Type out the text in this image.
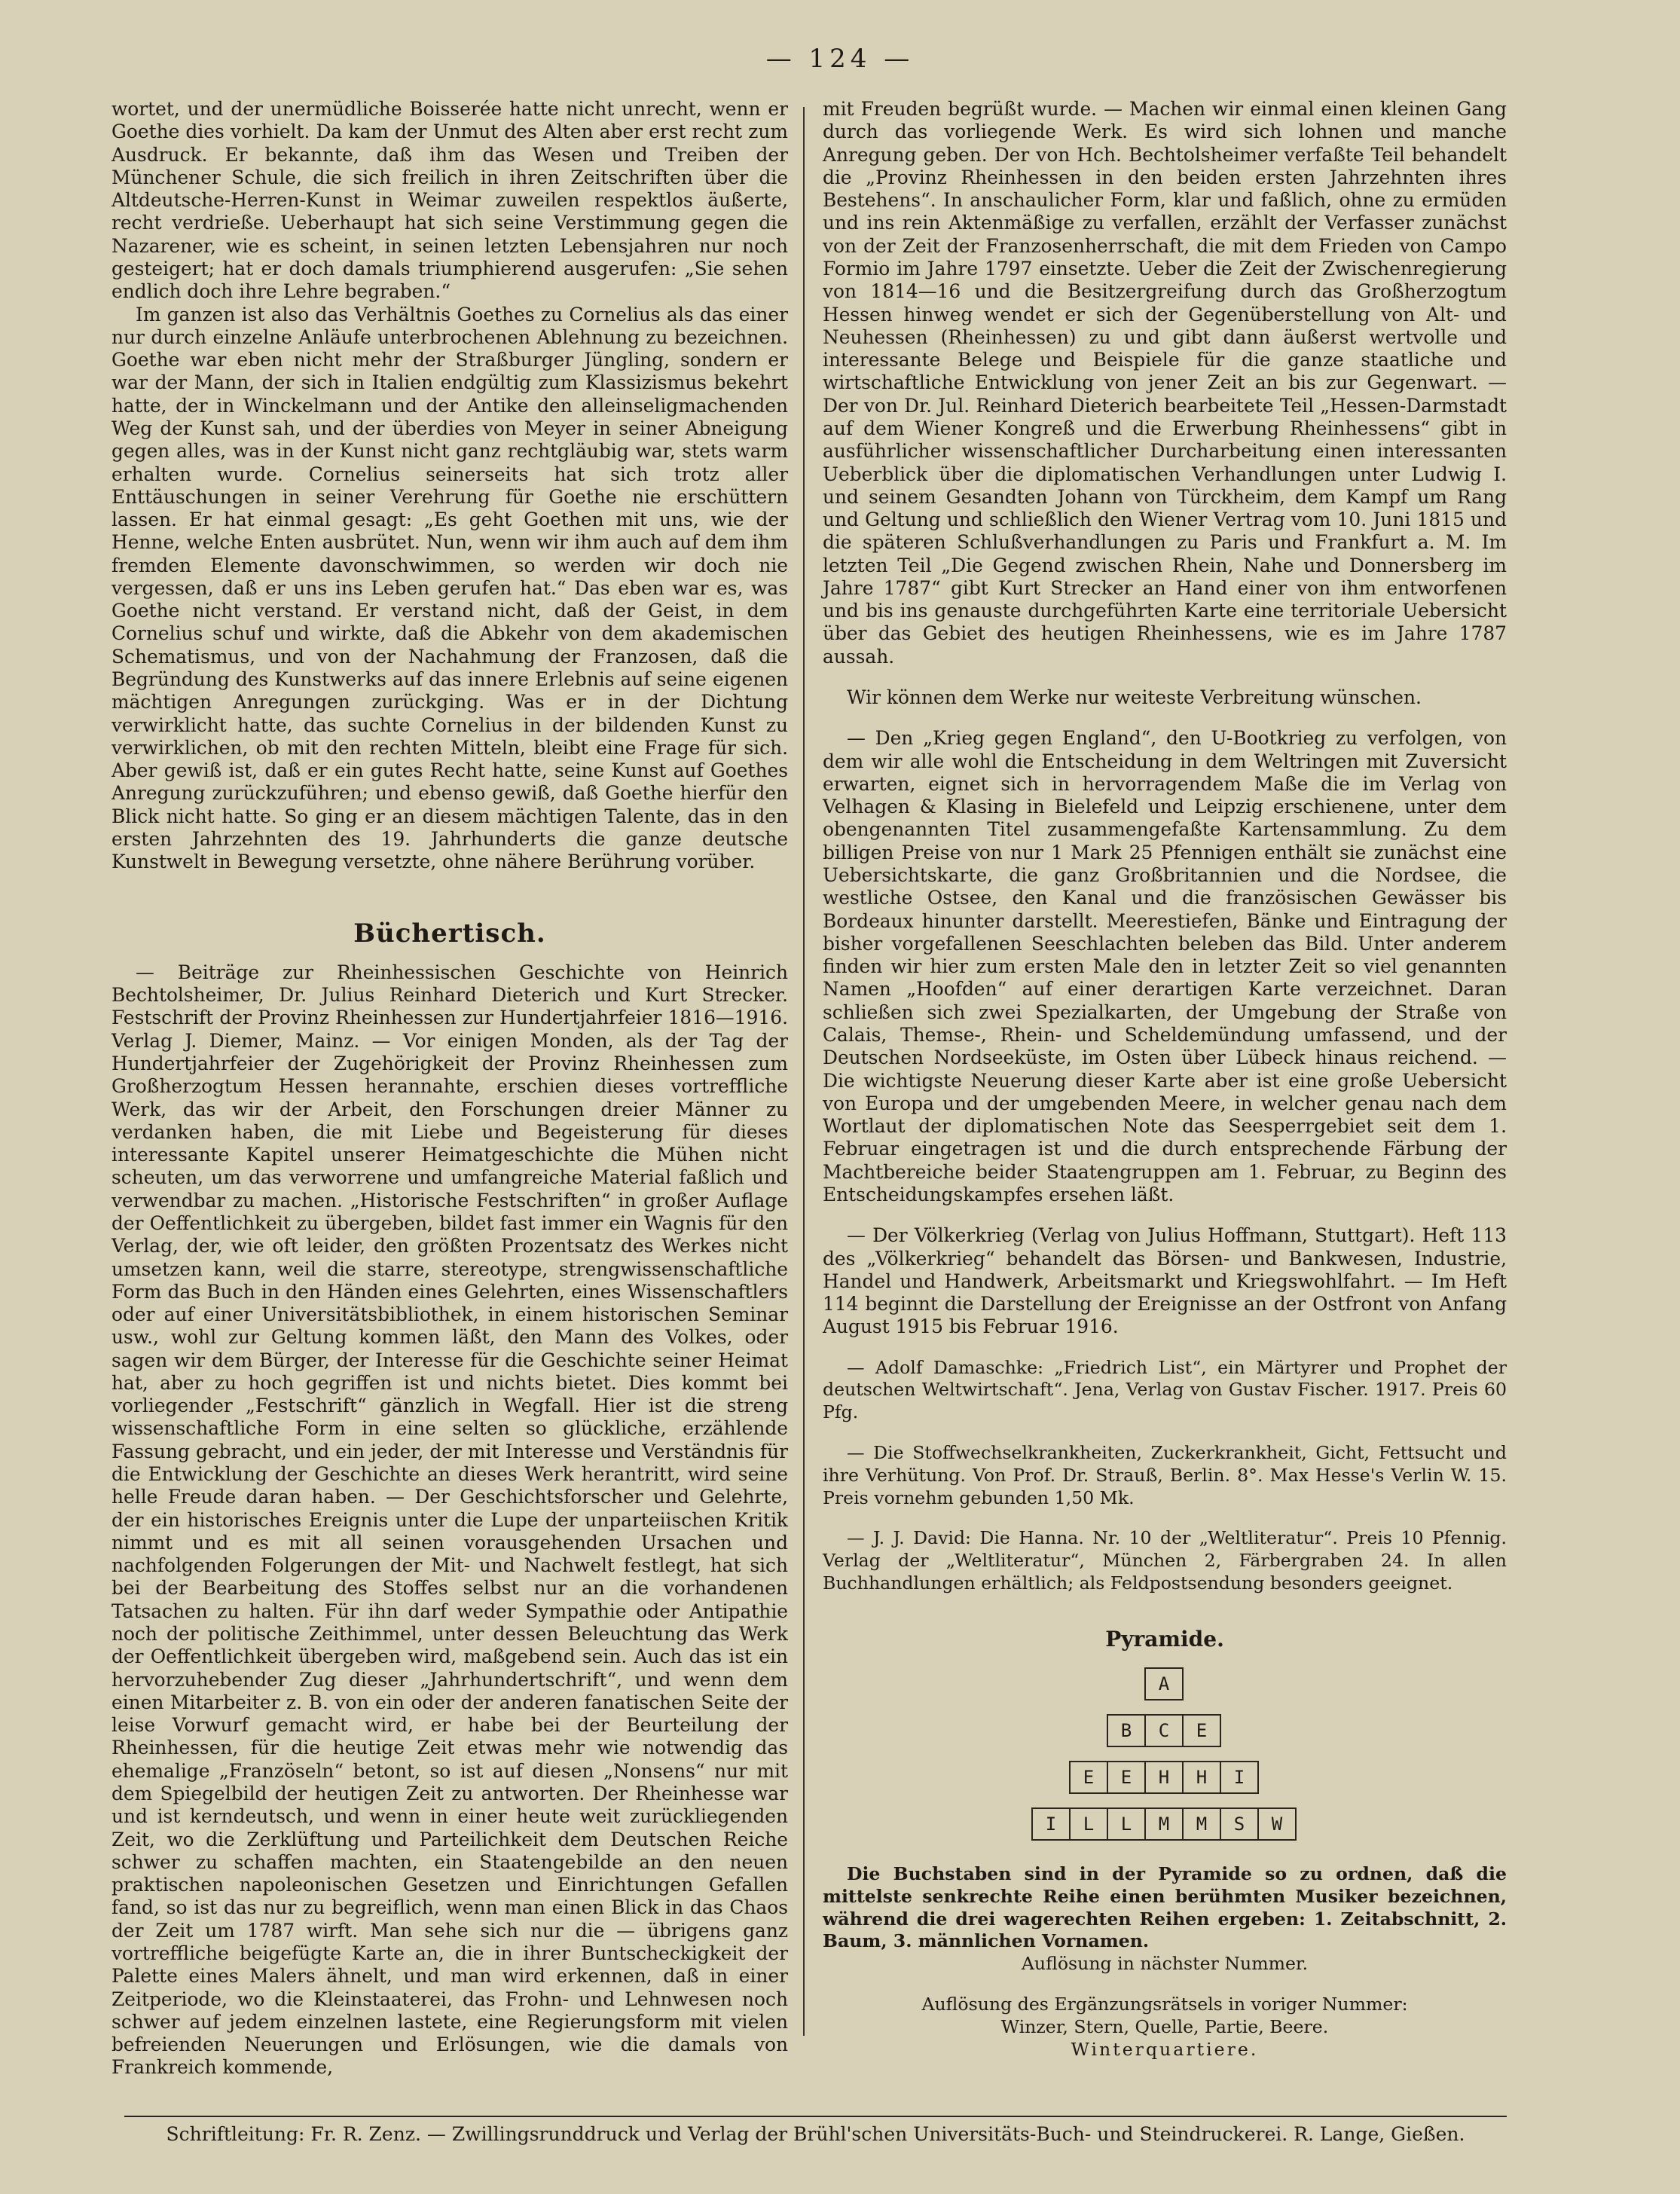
— 124 —

wortet, und der unermüdliche Boisserée hatte nicht unrecht, wenn er Goethe dies vorhielt. Da kam der Unmut des Alten aber erst recht zum Ausdruck. Er bekannte, daß ihm das Wesen und Treiben der Münchener Schule, die sich freilich in ihren Zeitschriften über die Altdeutsche-Herren-Kunst in Weimar zuweilen respektlos äußerte, recht verdrieße. Ueberhaupt hat sich seine Verstimmung gegen die Nazarener, wie es scheint, in seinen letzten Lebensjahren nur noch gesteigert; hat er doch damals triumphierend ausgerufen: „Sie sehen endlich doch ihre Lehre begraben.“

Im ganzen ist also das Verhältnis Goethes zu Cornelius als das einer nur durch einzelne Anläufe unterbrochenen Ablehnung zu bezeichnen. Goethe war eben nicht mehr der Straßburger Jüngling, sondern er war der Mann, der sich in Italien endgültig zum Klassizismus bekehrt hatte, der in Winckelmann und der Antike den alleinseligmachenden Weg der Kunst sah, und der überdies von Meyer in seiner Abneigung gegen alles, was in der Kunst nicht ganz rechtgläubig war, stets warm erhalten wurde. Cornelius seinerseits hat sich trotz aller Enttäuschungen in seiner Verehrung für Goethe nie erschüttern lassen. Er hat einmal gesagt: „Es geht Goethen mit uns, wie der Henne, welche Enten ausbrütet. Nun, wenn wir ihm auch auf dem ihm fremden Elemente davonschwimmen, so werden wir doch nie vergessen, daß er uns ins Leben gerufen hat.“ Das eben war es, was Goethe nicht verstand. Er verstand nicht, daß der Geist, in dem Cornelius schuf und wirkte, daß die Abkehr von dem akademischen Schematismus, und von der Nachahmung der Franzosen, daß die Begründung des Kunstwerks auf das innere Erlebnis auf seine eigenen mächtigen Anregungen zurückging. Was er in der Dichtung verwirklicht hatte, das suchte Cornelius in der bildenden Kunst zu verwirklichen, ob mit den rechten Mitteln, bleibt eine Frage für sich. Aber gewiß ist, daß er ein gutes Recht hatte, seine Kunst auf Goethes Anregung zurückzuführen; und ebenso gewiß, daß Goethe hierfür den Blick nicht hatte. So ging er an diesem mächtigen Talente, das in den ersten Jahrzehnten des 19. Jahrhunderts die ganze deutsche Kunstwelt in Bewegung versetzte, ohne nähere Berührung vorüber.

Büchertisch.

— Beiträge zur Rheinhessischen Geschichte von Heinrich Bechtolsheimer, Dr. Julius Reinhard Dieterich und Kurt Strecker. Festschrift der Provinz Rheinhessen zur Hundertjahrfeier 1816—1916. Verlag J. Diemer, Mainz. — Vor einigen Monden, als der Tag der Hundertjahrfeier der Zugehörigkeit der Provinz Rheinhessen zum Großherzogtum Hessen herannahte, erschien dieses vortreffliche Werk, das wir der Arbeit, den Forschungen dreier Männer zu verdanken haben, die mit Liebe und Begeisterung für dieses interessante Kapitel unserer Heimatgeschichte die Mühen nicht scheuten, um das verworrene und umfangreiche Material faßlich und verwendbar zu machen. „Historische Festschriften“ in großer Auflage der Oeffentlichkeit zu übergeben, bildet fast immer ein Wagnis für den Verlag, der, wie oft leider, den größten Prozentsatz des Werkes nicht umsetzen kann, weil die starre, stereotype, strengwissenschaftliche Form das Buch in den Händen eines Gelehrten, eines Wissenschaftlers oder auf einer Universitätsbibliothek, in einem historischen Seminar usw., wohl zur Geltung kommen läßt, den Mann des Volkes, oder sagen wir dem Bürger, der Interesse für die Geschichte seiner Heimat hat, aber zu hoch gegriffen ist und nichts bietet. Dies kommt bei vorliegender „Festschrift“ gänzlich in Wegfall. Hier ist die streng wissenschaftliche Form in eine selten so glückliche, erzählende Fassung gebracht, und ein jeder, der mit Interesse und Verständnis für die Entwicklung der Geschichte an dieses Werk herantritt, wird seine helle Freude daran haben. — Der Geschichtsforscher und Gelehrte, der ein historisches Ereignis unter die Lupe der unparteiischen Kritik nimmt und es mit all seinen vorausgehenden Ursachen und nachfolgenden Folgerungen der Mit- und Nachwelt festlegt, hat sich bei der Bearbeitung des Stoffes selbst nur an die vorhandenen Tatsachen zu halten. Für ihn darf weder Sympathie oder Antipathie noch der politische Zeithimmel, unter dessen Beleuchtung das Werk der Oeffentlichkeit übergeben wird, maßgebend sein. Auch das ist ein hervorzuhebender Zug dieser „Jahrhundertschrift“, und wenn dem einen Mitarbeiter z. B. von ein oder der anderen fanatischen Seite der leise Vorwurf gemacht wird, er habe bei der Beurteilung der Rheinhessen, für die heutige Zeit etwas mehr wie notwendig das ehemalige „Französeln“ betont, so ist auf diesen „Nonsens“ nur mit dem Spiegelbild der heutigen Zeit zu antworten. Der Rheinhesse war und ist kerndeutsch, und wenn in einer heute weit zurückliegenden Zeit, wo die Zerklüftung und Parteilichkeit dem Deutschen Reiche schwer zu schaffen machten, ein Staatengebilde an den neuen praktischen napoleonischen Gesetzen und Einrichtungen Gefallen fand, so ist das nur zu begreiflich, wenn man einen Blick in das Chaos der Zeit um 1787 wirft. Man sehe sich nur die — übrigens ganz vortreffliche beigefügte Karte an, die in ihrer Buntscheckigkeit der Palette eines Malers ähnelt, und man wird erkennen, daß in einer Zeitperiode, wo die Kleinstaaterei, das Frohn- und Lehnwesen noch schwer auf jedem einzelnen lastete, eine Regierungsform mit vielen befreienden Neuerungen und Erlösungen, wie die damals von Frankreich kommende,

mit Freuden begrüßt wurde. — Machen wir einmal einen kleinen Gang durch das vorliegende Werk. Es wird sich lohnen und manche Anregung geben. Der von Hch. Bechtolsheimer verfaßte Teil behandelt die „Provinz Rheinhessen in den beiden ersten Jahrzehnten ihres Bestehens“. In anschaulicher Form, klar und faßlich, ohne zu ermüden und ins rein Aktenmäßige zu verfallen, erzählt der Verfasser zunächst von der Zeit der Franzosenherrschaft, die mit dem Frieden von Campo Formio im Jahre 1797 einsetzte. Ueber die Zeit der Zwischenregierung von 1814—16 und die Besitzergreifung durch das Großherzogtum Hessen hinweg wendet er sich der Gegenüberstellung von Alt- und Neuhessen (Rheinhessen) zu und gibt dann äußerst wertvolle und interessante Belege und Beispiele für die ganze staatliche und wirtschaftliche Entwicklung von jener Zeit an bis zur Gegenwart. — Der von Dr. Jul. Reinhard Dieterich bearbeitete Teil „Hessen-Darmstadt auf dem Wiener Kongreß und die Erwerbung Rheinhessens“ gibt in ausführlicher wissenschaftlicher Durcharbeitung einen interessanten Ueberblick über die diplomatischen Verhandlungen unter Ludwig I. und seinem Gesandten Johann von Türckheim, dem Kampf um Rang und Geltung und schließlich den Wiener Vertrag vom 10. Juni 1815 und die späteren Schlußverhandlungen zu Paris und Frankfurt a. M. Im letzten Teil „Die Gegend zwischen Rhein, Nahe und Donnersberg im Jahre 1787“ gibt Kurt Strecker an Hand einer von ihm entworfenen und bis ins genauste durchgeführten Karte eine territoriale Uebersicht über das Gebiet des heutigen Rheinhessens, wie es im Jahre 1787 aussah.

Wir können dem Werke nur weiteste Verbreitung wünschen.

— Den „Krieg gegen England“, den U-Bootkrieg zu verfolgen, von dem wir alle wohl die Entscheidung in dem Weltringen mit Zuversicht erwarten, eignet sich in hervorragendem Maße die im Verlag von Velhagen & Klasing in Bielefeld und Leipzig erschienene, unter dem obengenannten Titel zusammengefaßte Kartensammlung. Zu dem billigen Preise von nur 1 Mark 25 Pfennigen enthält sie zunächst eine Uebersichtskarte, die ganz Großbritannien und die Nordsee, die westliche Ostsee, den Kanal und die französischen Gewässer bis Bordeaux hinunter darstellt. Meerestiefen, Bänke und Eintragung der bisher vorgefallenen Seeschlachten beleben das Bild. Unter anderem finden wir hier zum ersten Male den in letzter Zeit so viel genannten Namen „Hoofden“ auf einer derartigen Karte verzeichnet. Daran schließen sich zwei Spezialkarten, der Umgebung der Straße von Calais, Themse-, Rhein- und Scheldemündung umfassend, und der Deutschen Nordseeküste, im Osten über Lübeck hinaus reichend. — Die wichtigste Neuerung dieser Karte aber ist eine große Uebersicht von Europa und der umgebenden Meere, in welcher genau nach dem Wortlaut der diplomatischen Note das Seesperrgebiet seit dem 1. Februar eingetragen ist und die durch entsprechende Färbung der Machtbereiche beider Staatengruppen am 1. Februar, zu Beginn des Entscheidungskampfes ersehen läßt.

— Der Völkerkrieg (Verlag von Julius Hoffmann, Stuttgart). Heft 113 des „Völkerkrieg“ behandelt das Börsen- und Bankwesen, Industrie, Handel und Handwerk, Arbeitsmarkt und Kriegswohlfahrt. — Im Heft 114 beginnt die Darstellung der Ereignisse an der Ostfront von Anfang August 1915 bis Februar 1916.

— Adolf Damaschke: „Friedrich List“, ein Märtyrer und Prophet der deutschen Weltwirtschaft“. Jena, Verlag von Gustav Fischer. 1917. Preis 60 Pfg.

— Die Stoffwechselkrankheiten, Zuckerkrankheit, Gicht, Fettsucht und ihre Verhütung. Von Prof. Dr. Strauß, Berlin. 8°. Max Hesse's Verlin W. 15. Preis vornehm gebunden 1,50 Mk.

— J. J. David: Die Hanna. Nr. 10 der „Weltliteratur“. Preis 10 Pfennig. Verlag der „Weltliteratur“, München 2, Färbergraben 24. In allen Buchhandlungen erhältlich; als Feldpostsendung besonders geeignet.

Pyramide.
A
B	C	E
E	E	H	H	I
I	L	L	M	M	S	W

Die Buchstaben sind in der Pyramide so zu ordnen, daß die mittelste senkrechte Reihe einen berühmten Musiker bezeichnen, während die drei wagerechten Reihen ergeben: 1. Zeitabschnitt, 2. Baum, 3. männlichen Vornamen.

Auflösung in nächster Nummer.

Auflösung des Ergänzungsrätsels in voriger Nummer:

Winzer, Stern, Quelle, Partie, Beere.

Winterquartiere.

Schriftleitung: Fr. R. Zenz. — Zwillingsrunddruck und Verlag der Brühl'schen Universitäts-Buch- und Steindruckerei. R. Lange, Gießen.
